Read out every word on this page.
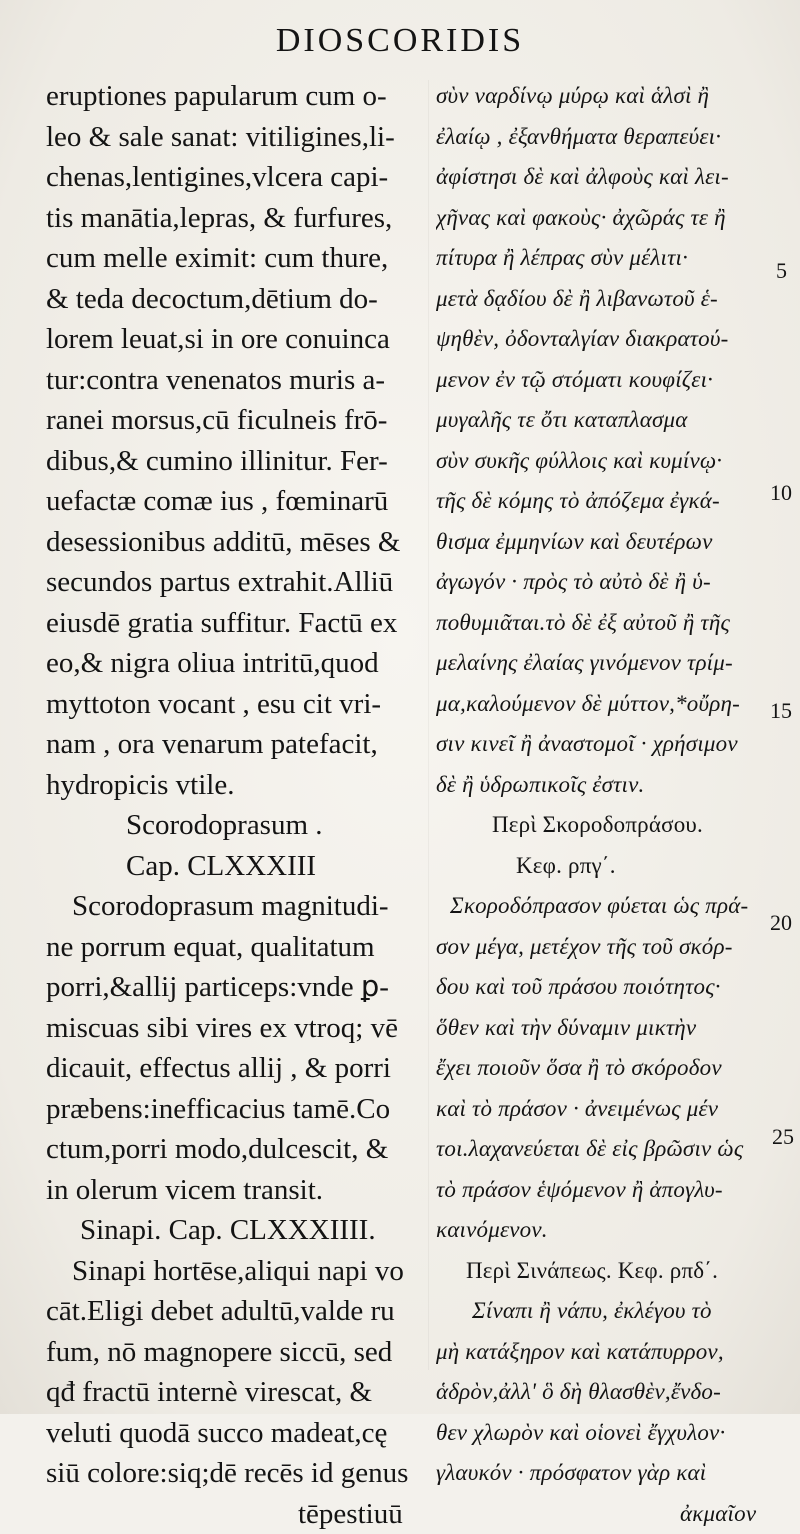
DIOSCORIDIS
eruptiones papularum cum o-
leo & sale sanat: vitiligines,li-
chenas,lentigines,vlcera capi-
tis manātia,lepras, & furfures,
cum melle eximit: cum thure,
& teda decoctum,dētium do-
lorem leuat,si in ore conuinca
tur:contra venenatos muris a-
ranei morsus,cū ficulneis frō-
dibus,& cumino illinitur. Fer-
uefactæ comæ ius , fœminarū
desessionibus additū, mēses &
secundos partus extrahit.Alliū
eiusdē gratia suffitur. Factū ex
eo,& nigra oliua intritū,quod
myttoton vocant , esu cit vri-
nam , ora venarum patefacit,
hydropicis vtile.
Scorodoprasum .
Cap. CLXXXIII
Scorodoprasum magnitudi-
ne porrum equat, qualitatum
porri,&allij particeps:vnde ꝑ-
miscuas sibi vires ex vtroq; vē
dicauit, effectus allij , & porri
præbens:inefficacius tamē.Co
ctum,porri modo,dulcescit, &
in olerum vicem transit.
Sinapi. Cap. CLXXXIIII.
Sinapi hortēse,aliqui napi vo
cāt.Eligi debet adultū,valde ru
fum, nō magnopere siccū, sed
qđ fractū internè virescat, &
veluti quodā succo madeat,cę
siū colore:siq;dē recēs id genus
tēpestiuū
σὺν ναρδίνῳ μύρῳ καὶ ἁλσὶ ἢ
ἐλαίῳ , ἐξανθήματα θεραπεύει·
ἀφίστησι δὲ καὶ ἀλφοὺς καὶ λει-
χῆνας καὶ φακοὺς· ἀχῶράς τε ἢ
πίτυρα ἢ λέπρας σὺν μέλιτι·
μετὰ δᾳδίου δὲ ἢ λιβανωτοῦ ἑ-
ψηθὲν, ὀδονταλγίαν διακρατού-
μενον ἐν τῷ στόματι κουφίζει·
μυγαλῆς τε ὄτι καταπλασμα
σὺν συκῆς φύλλοις καὶ κυμίνῳ·
τῆς δὲ κόμης τὸ ἀπόζεμα ἐγκά-
θισμα ἐμμηνίων καὶ δευτέρων
ἀγωγόν · πρὸς τὸ αὐτὸ δὲ ἢ ὑ-
ποθυμιᾶται.τὸ δὲ ἐξ αὐτοῦ ἢ τῆς
μελαίνης ἐλαίας γινόμενον τρίμ-
μα,καλούμενον δὲ μύττον,*οὔρη-
σιν κινεῖ ἢ ἀναστομοῖ · χρήσιμον
δὲ ἢ ὑδρωπικοῖς ἐστιν.
Περὶ Σκοροδοπράσου.
Κεφ. ρπγ΄.
Σκοροδόπρασον φύεται ὡς πρά-
σον μέγα, μετέχον τῆς τοῦ σκόρ-
δου καὶ τοῦ πράσου ποιότητος·
ὅθεν καὶ τὴν δύναμιν μικτὴν
ἔχει ποιοῦν ὅσα ἢ τὸ σκόροδον
καὶ τὸ πράσον · ἀνειμένως μέν
τοι.λαχανεύεται δὲ εἰς βρῶσιν ὡς
τὸ πράσον ἑψόμενον ἢ ἀπογλυ-
καινόμενον.
Περὶ Σινάπεως. Κεφ. ρπδ΄.
Σίναπι ἢ νάπυ, ἐκλέγου τὸ
μὴ κατάξηρον καὶ κατάπυρρον,
ἁδρὸν,ἀλλ' ὃ δὴ θλασθὲν,ἔνδο-
θεν χλωρὸν καὶ οἱονεὶ ἔγχυλον·
γλαυκόν · πρόσφατον γὰρ καὶ
ἀκμαῖον
5
10
15
20
25
